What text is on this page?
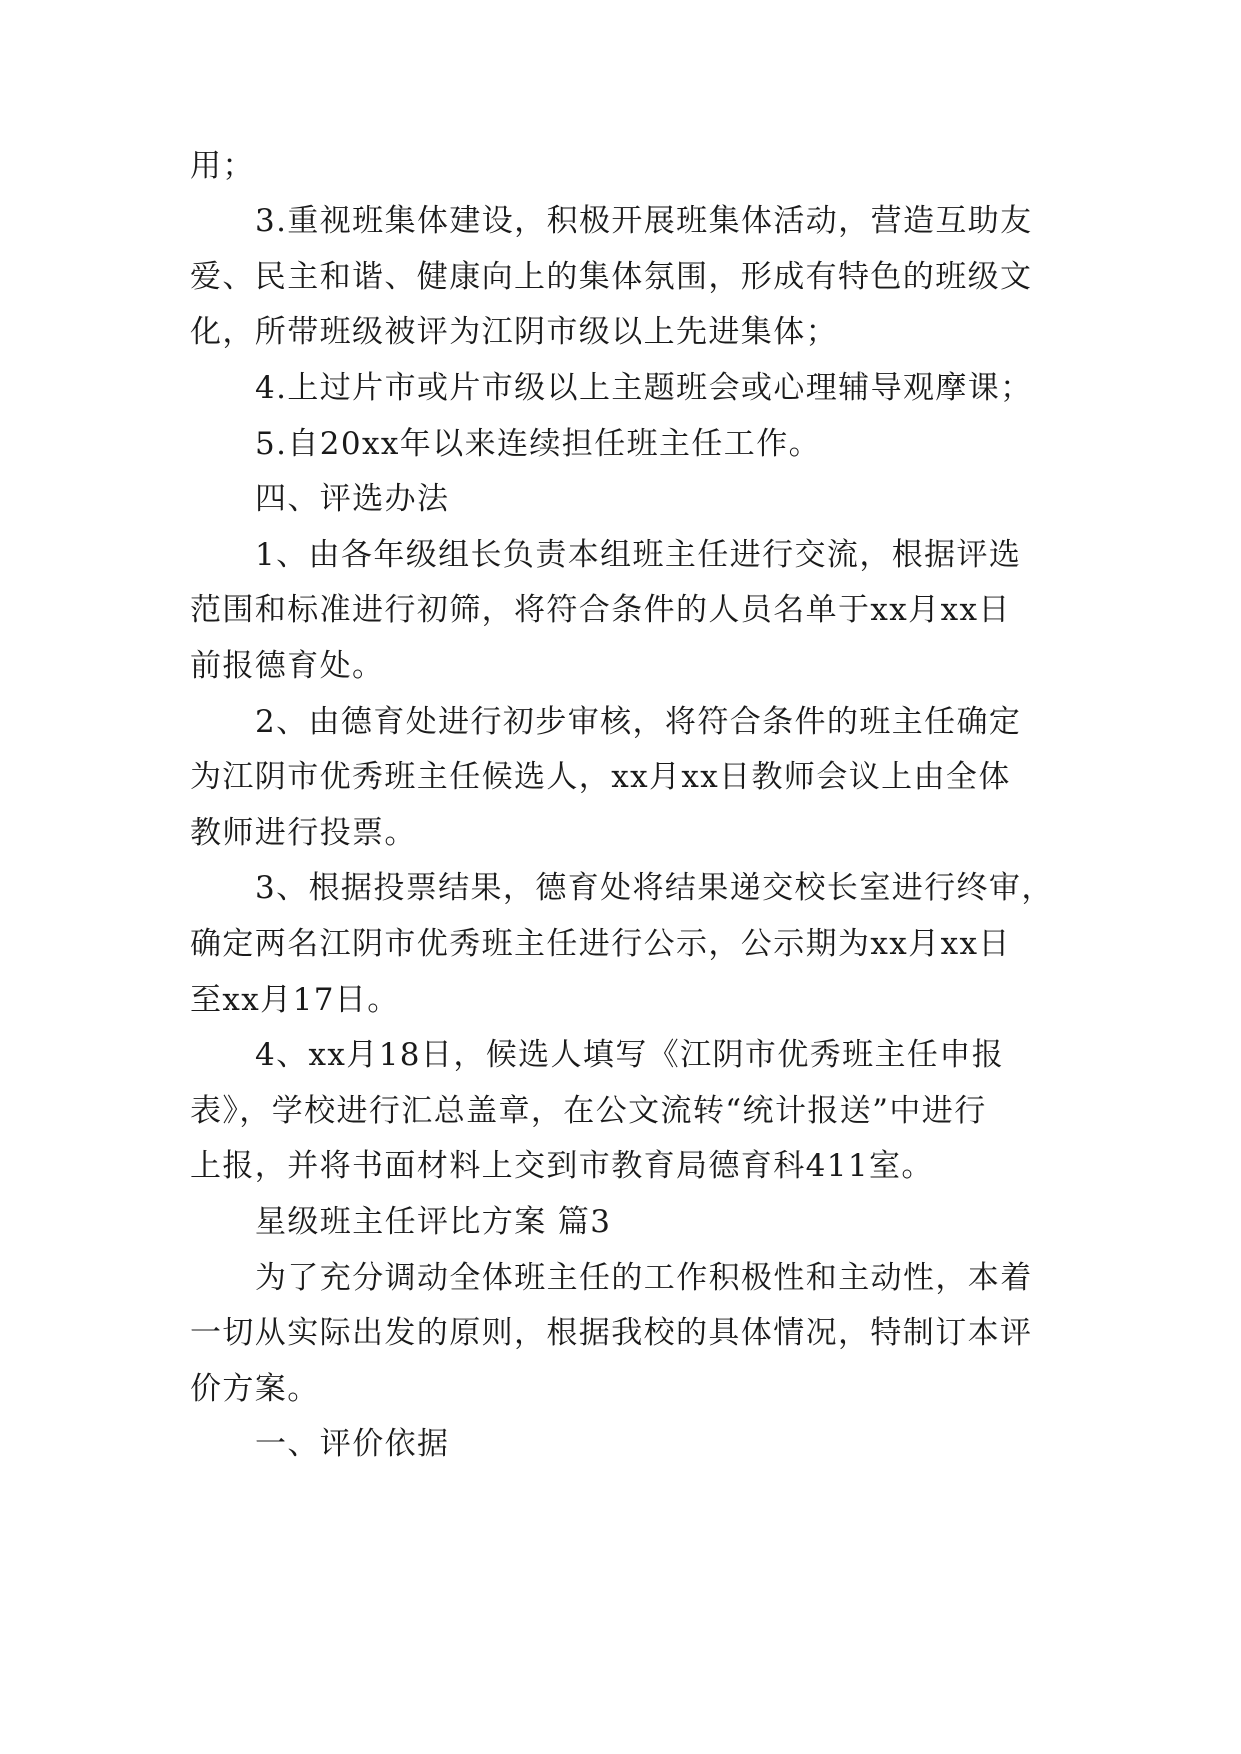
用；
3.重视班集体建设，积极开展班集体活动，营造互助友
爱、民主和谐、健康向上的集体氛围，形成有特色的班级文
化，所带班级被评为江阴市级以上先进集体；
4.上过片市或片市级以上主题班会或心理辅导观摩课；
5.自20xx年以来连续担任班主任工作。
四、评选办法
1、由各年级组长负责本组班主任进行交流，根据评选
范围和标准进行初筛，将符合条件的人员名单于xx月xx日
前报德育处。
2、由德育处进行初步审核，将符合条件的班主任确定
为江阴市优秀班主任候选人，xx月xx日教师会议上由全体
教师进行投票。
3、根据投票结果，德育处将结果递交校长室进行终审，
确定两名江阴市优秀班主任进行公示，公示期为xx月xx日
至xx月17日。
4、xx月18日，候选人填写《江阴市优秀班主任申报
表》，学校进行汇总盖章，在公文流转“统计报送”中进行
上报，并将书面材料上交到市教育局德育科411室。
星级班主任评比方案 篇3
为了充分调动全体班主任的工作积极性和主动性，本着
一切从实际出发的原则，根据我校的具体情况，特制订本评
价方案。
一、评价依据
